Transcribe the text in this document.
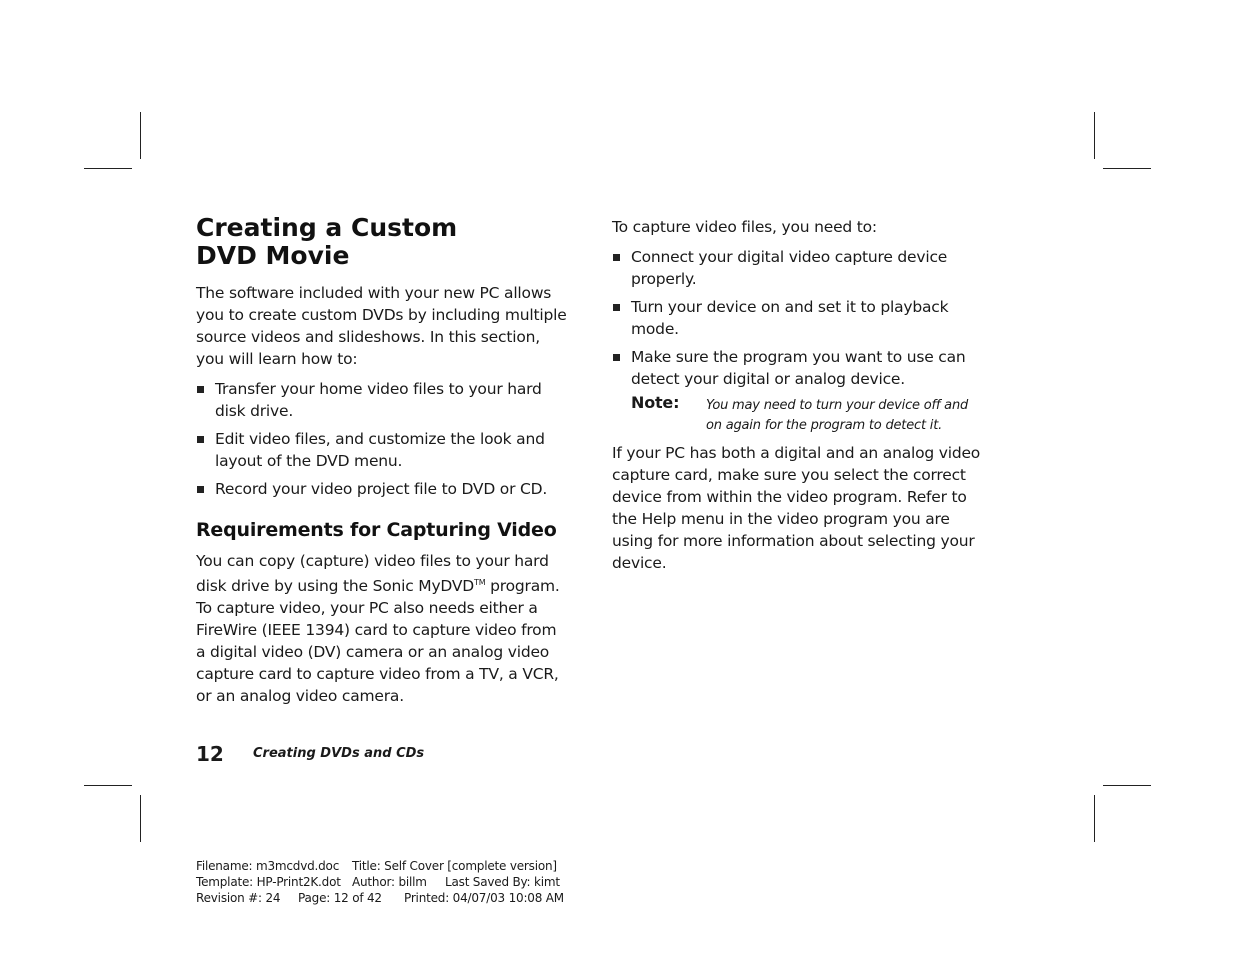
Creating a Custom
DVD Movie

The software included with your new PC allows you to create custom DVDs by including multiple source videos and slideshows. In this section, you will learn how to:

Transfer your home video files to your hard disk drive.
Edit video files, and customize the look and layout of the DVD menu.
Record your video project file to DVD or CD.
Requirements for Capturing Video

You can copy (capture) video files to your hard disk drive by using the Sonic MyDVD™ program. To capture video, your PC also needs either a FireWire (IEEE 1394) card to capture video from a digital video (DV) camera or an analog video capture card to capture video from a TV, a VCR, or an analog video camera.

To capture video files, you need to:

Connect your digital video capture device properly.
Turn your device on and set it to playback mode.
Make sure the program you want to use can detect your digital or analog device.
Note: You may need to turn your device off and on again for the program to detect it.

If your PC has both a digital and an analog video capture card, make sure you select the correct device from within the video program. Refer to the Help menu in the video program you are using for more information about selecting your device.

12 Creating DVDs and CDs
Filename: m3mcdvd.doc Title: Self Cover [complete version]
Template: HP-Print2K.dot Author: billm Last Saved By: kimt
Revision #: 24 Page: 12 of 42 Printed: 04/07/03 10:08 AM
